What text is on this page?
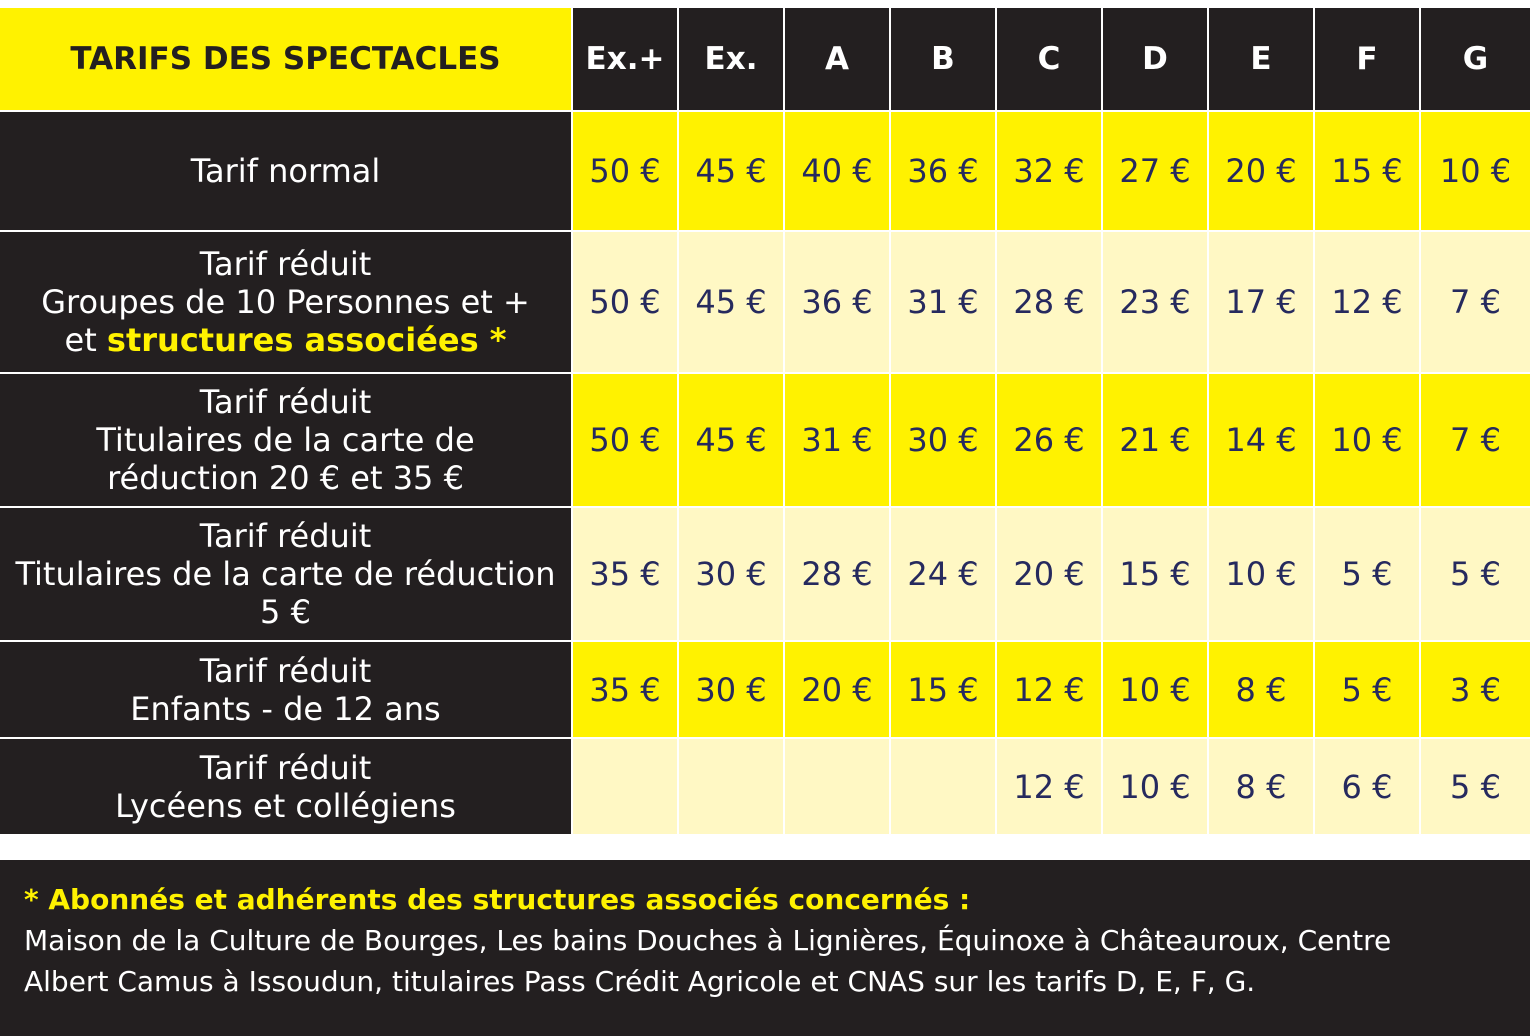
TARIFS DES SPECTACLES	Ex.+	Ex.	A	B	C	D	E	F	G

Tarif normal	50 €	45 €	40 €	36 €	32 €	27 €	20 €	15 €	10 €

Tarif réduit
Groupes de 10 Personnes et +
et structures associées *	50 €	45 €	36 €	31 €	28 €	23 €	17 €	12 €	7 €

Tarif réduit
Titulaires de la carte de
réduction 20 € et 35 €	50 €	45 €	31 €	30 €	26 €	21 €	14 €	10 €	7 €

Tarif réduit
Titulaires de la carte de réduction
5 €	35 €	30 €	28 €	24 €	20 €	15 €	10 €	5 €	5 €

Tarif réduit
Enfants - de 12 ans	35 €	30 €	20 €	15 €	12 €	10 €	8 €	5 €	3 €

Tarif réduit
Lycéens et collégiens					12 €	10 €	8 €	6 €	5 €

* Abonnés et adhérents des structures associés concernés :

Maison de la Culture de Bourges, Les bains Douches à Lignières, Équinoxe à Châteauroux, Centre

Albert Camus à Issoudun, titulaires Pass Crédit Agricole et CNAS sur les tarifs D, E, F, G.
